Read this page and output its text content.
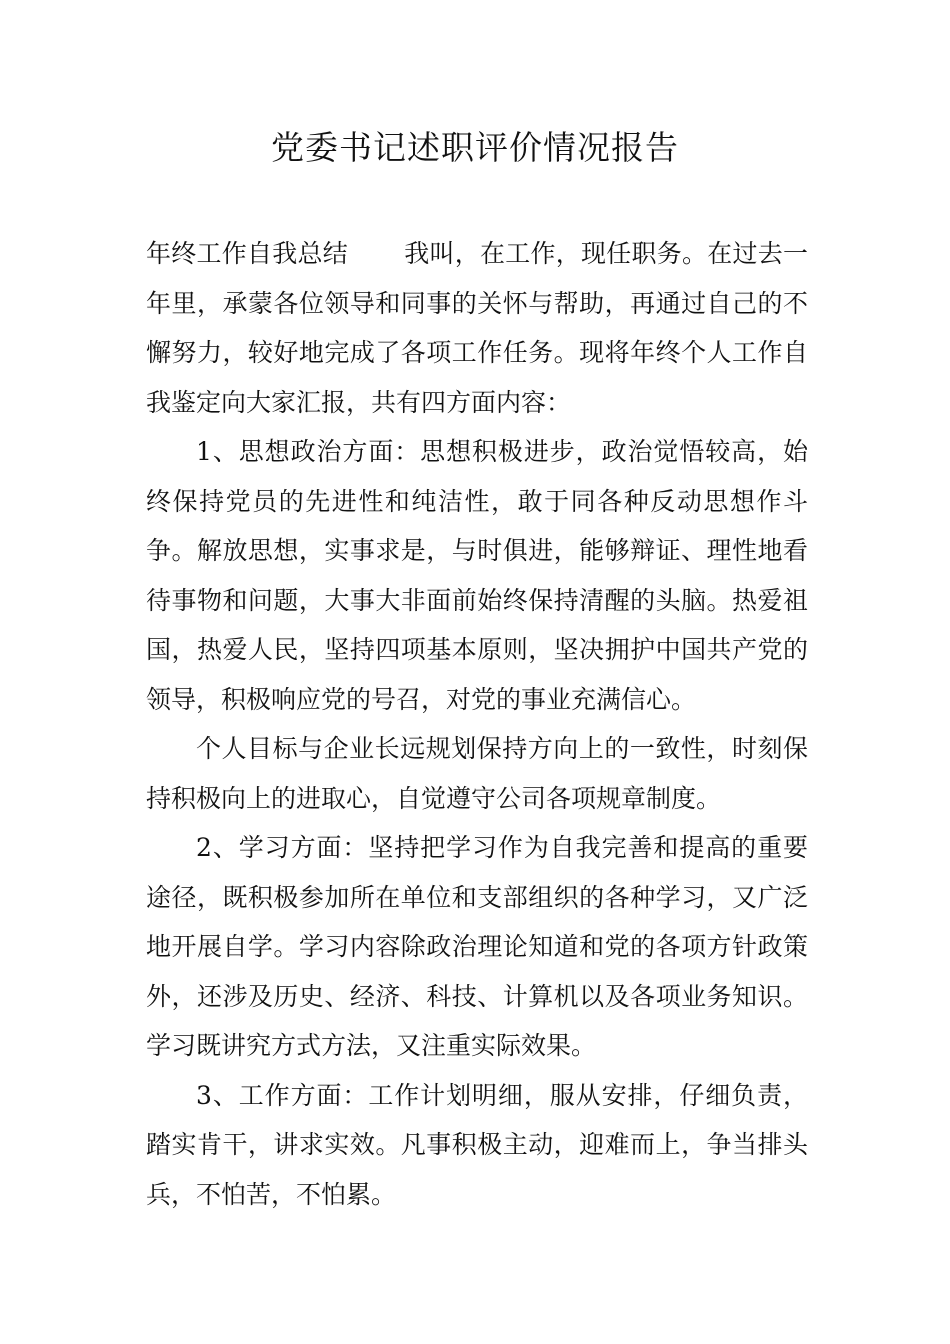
党委书记述职评价情况报告

年终工作自我总结 我叫，在工作，现任职务。在过去一年里，承蒙各位领导和同事的关怀与帮助，再通过自己的不懈努力，较好地完成了各项工作任务。现将年终个人工作自我鉴定向大家汇报，共有四方面内容：

1、思想政治方面：思想积极进步，政治觉悟较高，始终保持党员的先进性和纯洁性，敢于同各种反动思想作斗争。解放思想，实事求是，与时俱进，能够辩证、理性地看待事物和问题，大事大非面前始终保持清醒的头脑。热爱祖国，热爱人民，坚持四项基本原则，坚决拥护中国共产党的领导，积极响应党的号召，对党的事业充满信心。

个人目标与企业长远规划保持方向上的一致性，时刻保持积极向上的进取心，自觉遵守公司各项规章制度。

2、学习方面：坚持把学习作为自我完善和提高的重要途径，既积极参加所在单位和支部组织的各种学习，又广泛地开展自学。学习内容除政治理论知道和党的各项方针政策外，还涉及历史、经济、科技、计算机以及各项业务知识。学习既讲究方式方法，又注重实际效果。

3、工作方面：工作计划明细，服从安排，仔细负责，踏实肯干，讲求实效。凡事积极主动，迎难而上，争当排头兵，不怕苦，不怕累。
